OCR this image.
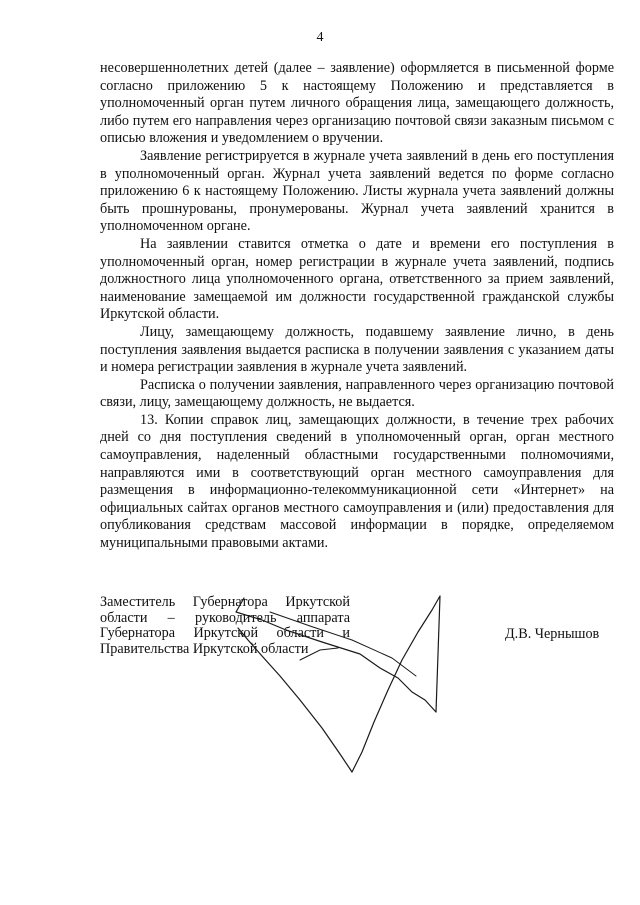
4

несовершеннолетних детей (далее – заявление) оформляется в письменной форме согласно приложению 5 к настоящему Положению и представляется в уполномоченный орган путем личного обращения лица, замещающего должность, либо путем его направления через организацию почтовой связи заказным письмом с описью вложения и уведомлением о вручении.

Заявление регистрируется в журнале учета заявлений в день его поступления в уполномоченный орган. Журнал учета заявлений ведется по форме согласно приложению 6 к настоящему Положению. Листы журнала учета заявлений должны быть прошнурованы, пронумерованы. Журнал учета заявлений хранится в уполномоченном органе.

На заявлении ставится отметка о дате и времени его поступления в уполномоченный орган, номер регистрации в журнале учета заявлений, подпись должностного лица уполномоченного органа, ответственного за прием заявлений, наименование замещаемой им должности государственной гражданской службы Иркутской области.

Лицу, замещающему должность, подавшему заявление лично, в день поступления заявления выдается расписка в получении заявления с указанием даты и номера регистрации заявления в журнале учета заявлений.

Расписка о получении заявления, направленного через организацию почтовой связи, лицу, замещающему должность, не выдается.

13. Копии справок лиц, замещающих должности, в течение трех рабочих дней со дня поступления сведений в уполномоченный орган, орган местного самоуправления, наделенный областными государственными полномочиями, направляются ими в соответствующий орган местного самоуправления для размещения в информационно-телекоммуникационной сети «Интернет» на официальных сайтах органов местного самоуправления и (или) предоставления для опубликования средствам массовой информации в порядке, определяемом муниципальными правовыми актами.

Заместитель Губернатора Иркутской
области – руководитель аппарата
Губернатора Иркутской области и
Правительства Иркутской области
Д.В. Чернышов
